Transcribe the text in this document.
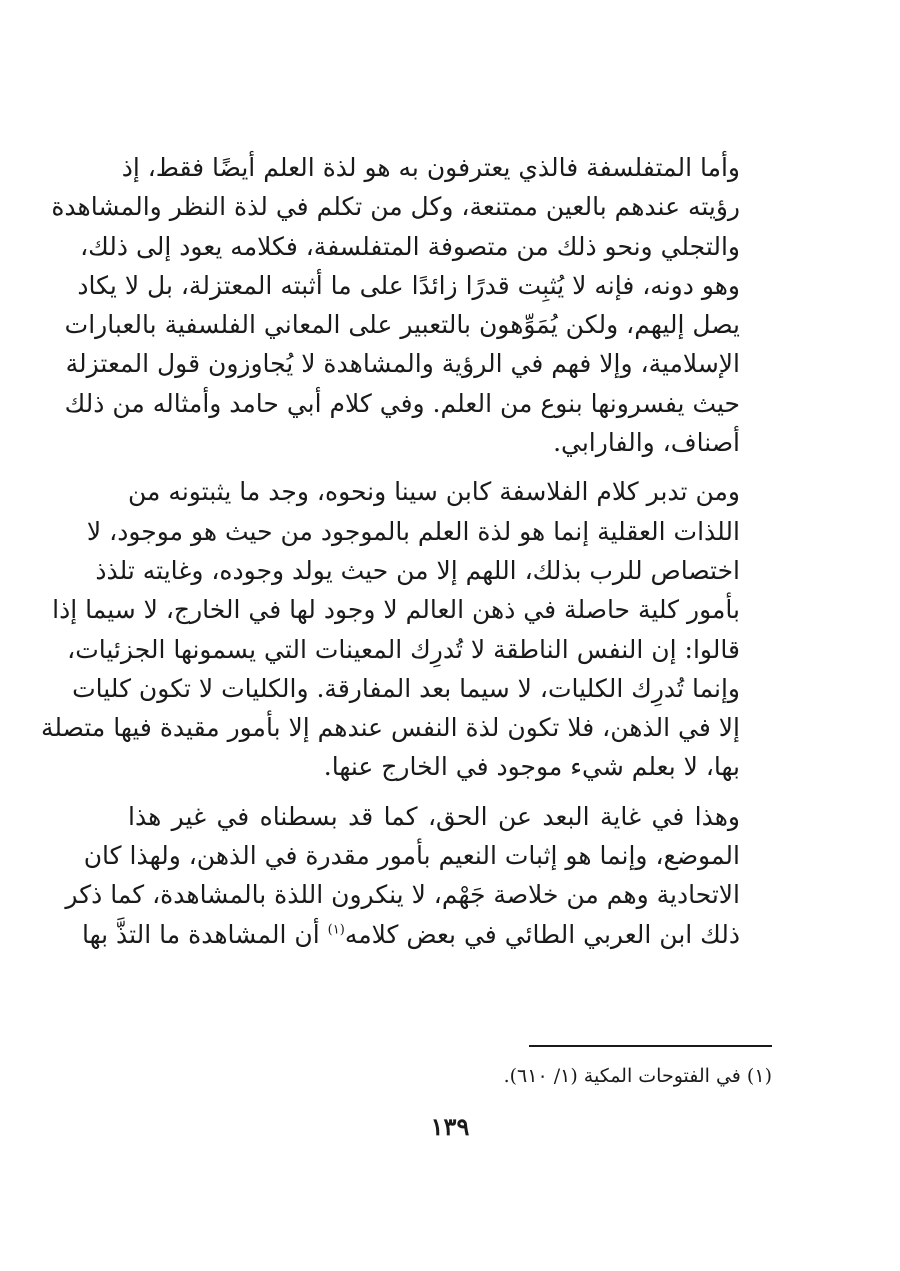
وأما المتفلسفة فالذي يعترفون به هو لذة العلم أيضًا فقط، إذ
رؤيته عندهم بالعين ممتنعة، وكل من تكلم في لذة النظر والمشاهدة
والتجلي ونحو ذلك من متصوفة المتفلسفة، فكلامه يعود إلى ذلك،
وهو دونه، فإنه لا يُثبِت قدرًا زائدًا على ما أثبته المعتزلة، بل لا يكاد
يصل إليهم، ولكن يُمَوِّهون بالتعبير على المعاني الفلسفية بالعبارات
الإسلامية، وإلا فهم في الرؤية والمشاهدة لا يُجاوزون قول المعتزلة
حيث يفسرونها بنوع من العلم. وفي كلام أبي حامد وأمثاله من ذلك
أصناف، والفارابي.

ومن تدبر كلام الفلاسفة كابن سينا ونحوه، وجد ما يثبتونه من
اللذات العقلية إنما هو لذة العلم بالموجود من حيث هو موجود، لا
اختصاص للرب بذلك، اللهم إلا من حيث يولد وجوده، وغايته تلذذ
بأمور كلية حاصلة في ذهن العالم لا وجود لها في الخارج، لا سيما إذا
قالوا: إن النفس الناطقة لا تُدرِك المعينات التي يسمونها الجزئيات،
وإنما تُدرِك الكليات، لا سيما بعد المفارقة. والكليات لا تكون كليات
إلا في الذهن، فلا تكون لذة النفس عندهم إلا بأمور مقيدة فيها متصلة
بها، لا بعلم شيء موجود في الخارج عنها.

وهذا في غاية البعد عن الحق، كما قد بسطناه في غير هذا
الموضع، وإنما هو إثبات النعيم بأمور مقدرة في الذهن، ولهذا كان
الاتحادية وهم من خلاصة جَهْم، لا ينكرون اللذة بالمشاهدة، كما ذكر
ذلك ابن العربي الطائي في بعض كلامه$^{(١)}$ أن المشاهدة ما التذَّ بها

(١) في الفتوحات المكية (١/ ٦١٠).
١٣٩
